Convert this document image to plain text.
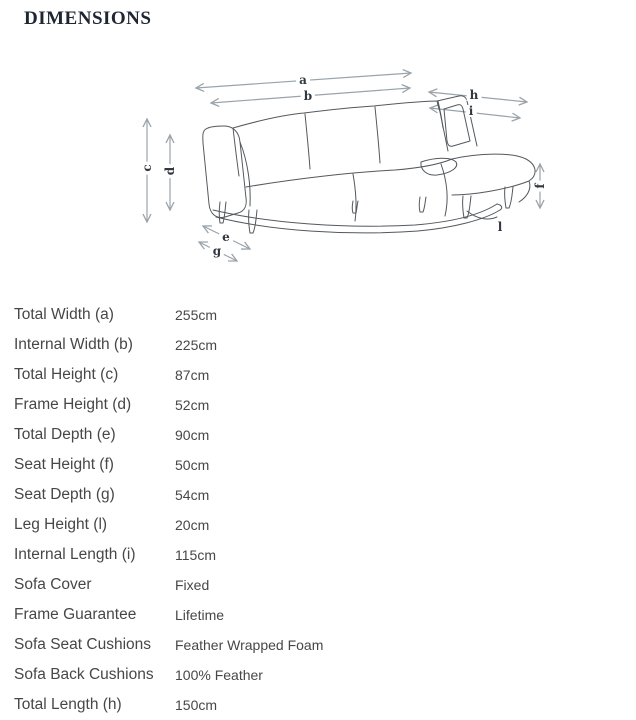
DIMENSIONS
a
b
c d
e
f
g
h
i
l
Total Width (a)	255cm
Internal Width (b)	225cm
Total Height (c)	87cm
Frame Height (d)	52cm
Total Depth (e)	90cm
Seat Height (f)	50cm
Seat Depth (g)	54cm
Leg Height (l)	20cm
Internal Length (i)	115cm
Sofa Cover	Fixed
Frame Guarantee	Lifetime
Sofa Seat Cushions	Feather Wrapped Foam
Sofa Back Cushions	100% Feather
Total Length (h)	150cm
